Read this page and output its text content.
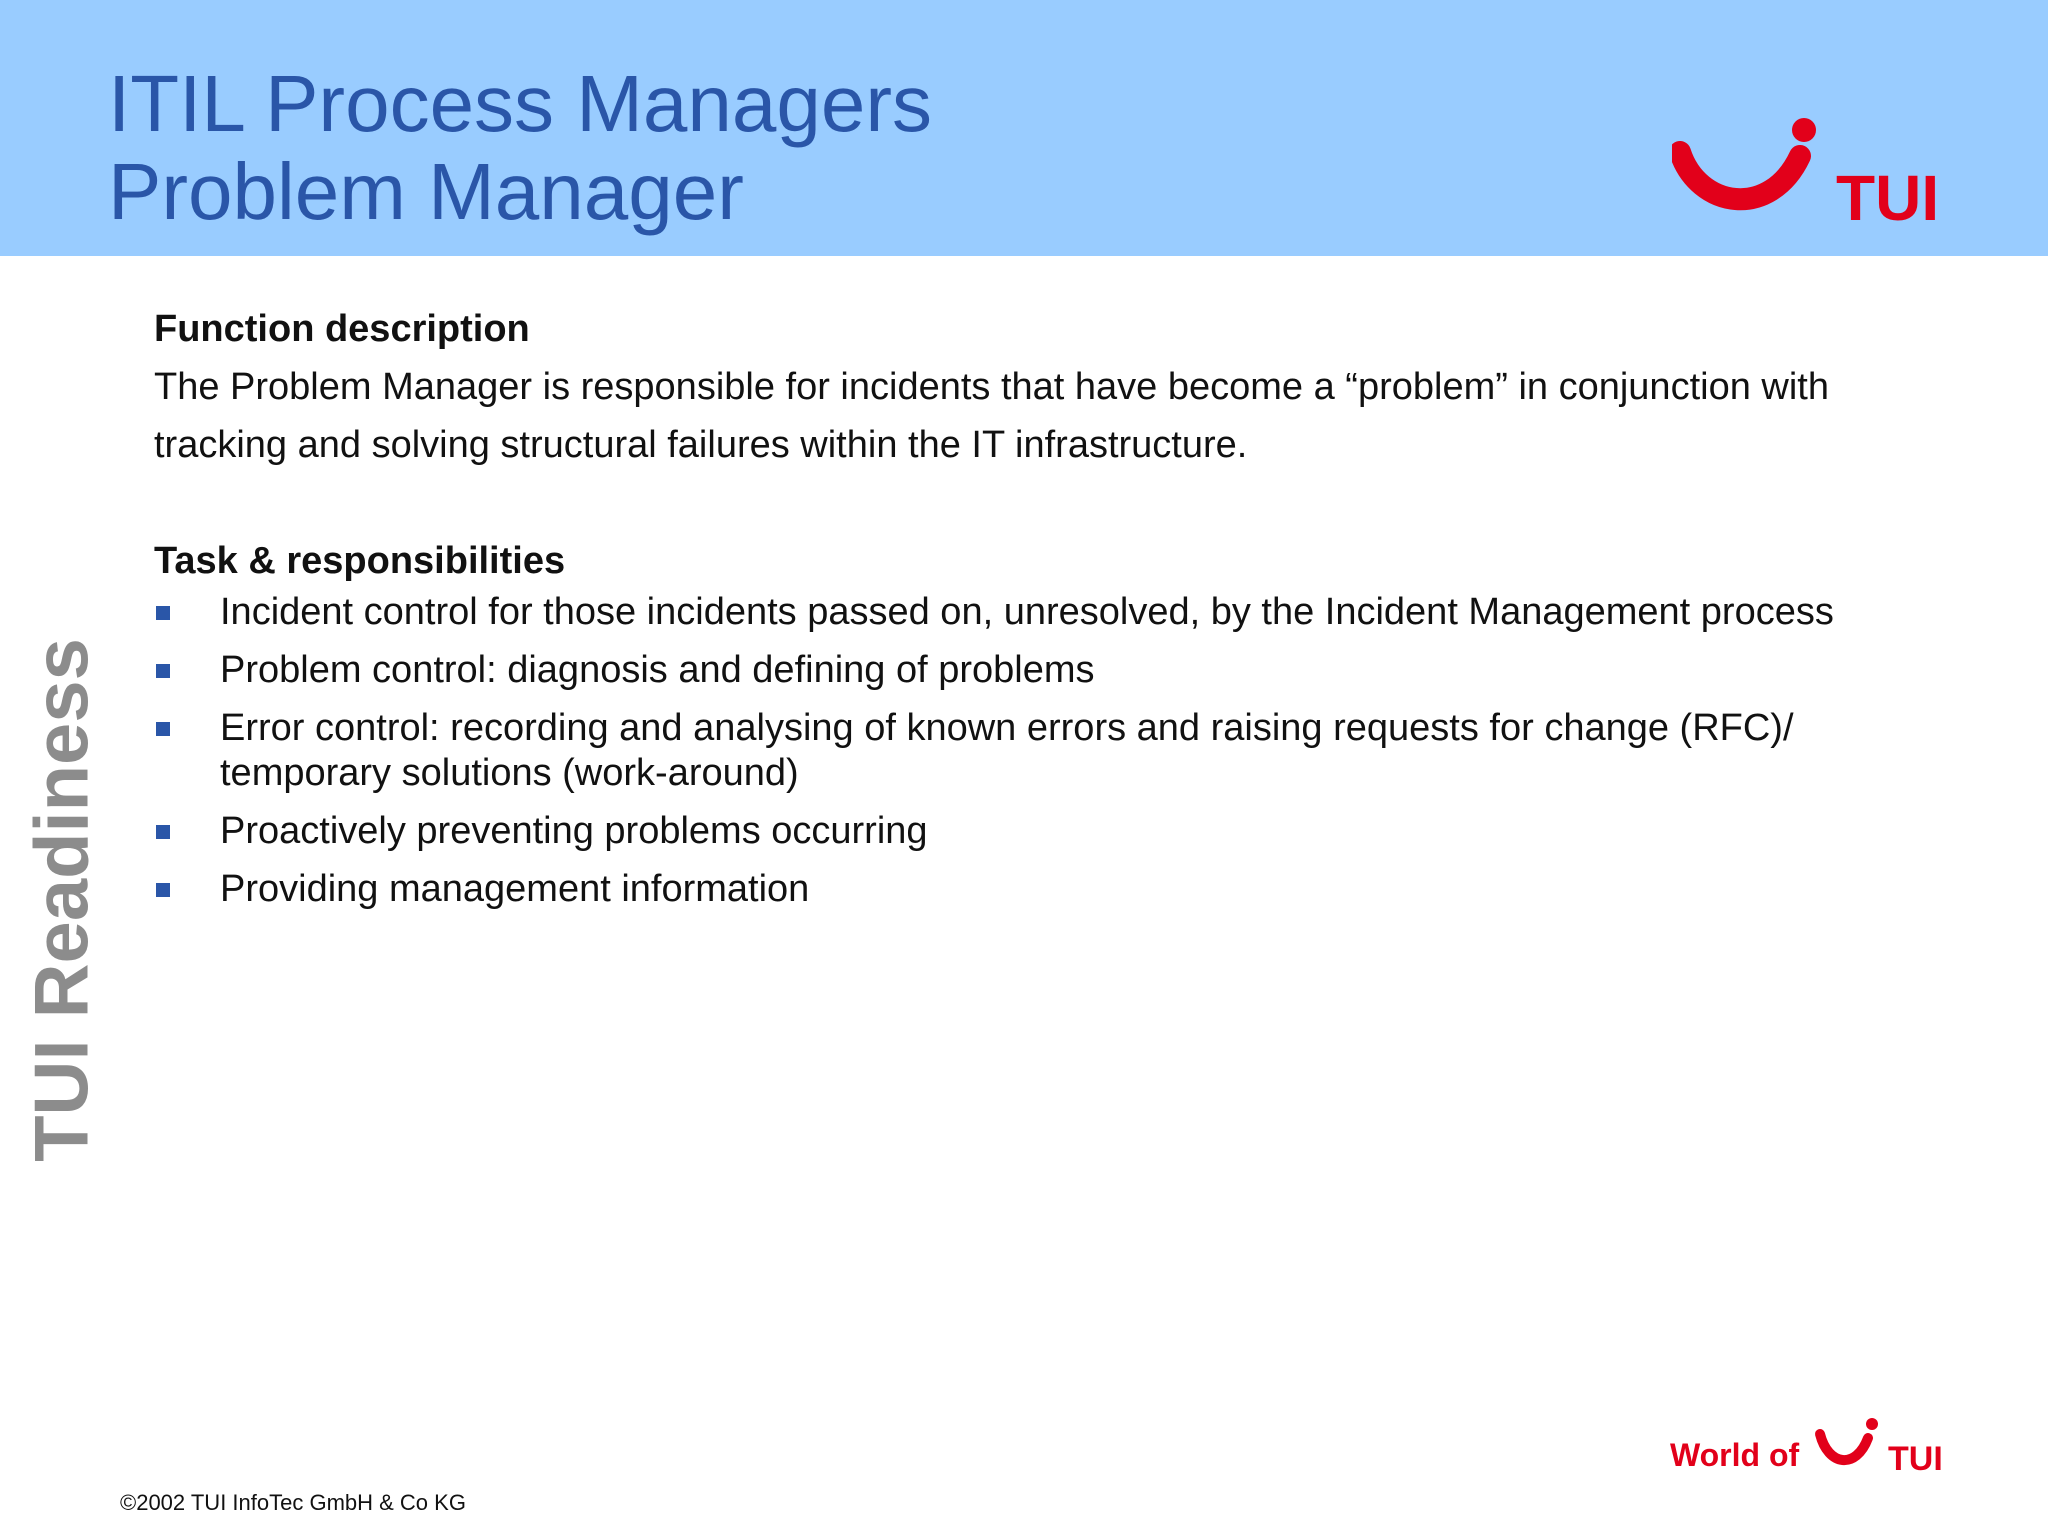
ITIL Process Managers
Problem Manager	TUI
TUI Readiness
Function description

The Problem Manager is responsible for incidents that have become a “problem” in conjunction with tracking and solving structural failures within the IT infrastructure.

Task & responsibilities
Incident control for those incidents passed on, unresolved, by the Incident Management process
Problem control: diagnosis and defining of problems
Error control: recording and analysing of known errors and raising requests for change (RFC)/ temporary solutions (work-around)
Proactively preventing problems occurring
Providing management information
World of	TUI
©2002 TUI InfoTec GmbH & Co KG
